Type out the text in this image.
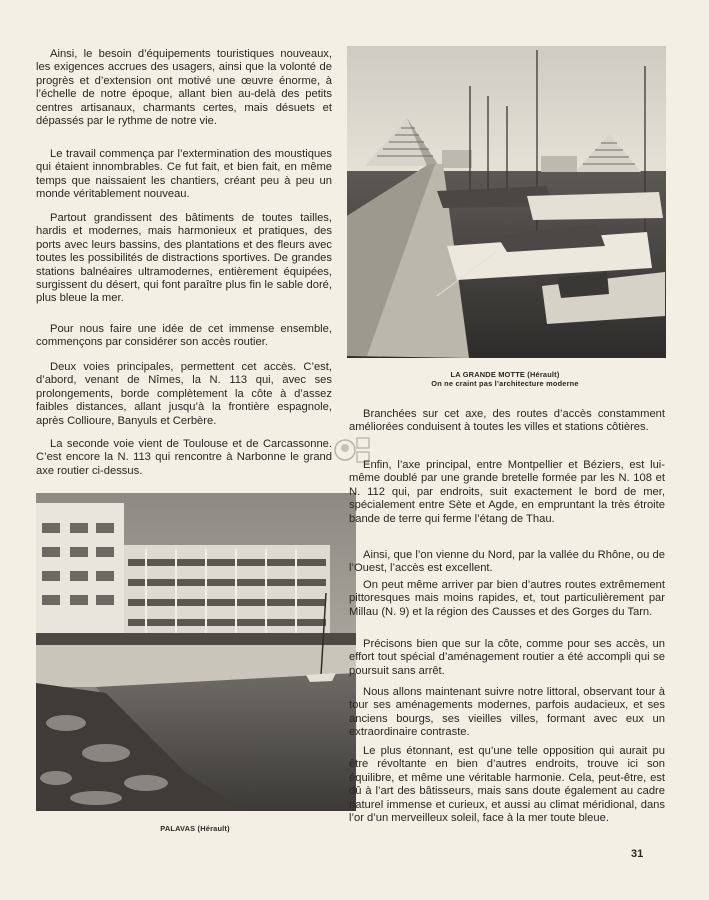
Ainsi, le besoin d’équipements touristiques nouveaux, les exigences accrues des usagers, ainsi que la volonté de progrès et d’extension ont motivé une œuvre énorme, à l’échelle de notre époque, allant bien au-delà des petits centres artisanaux, charmants certes, mais désuets et dépassés par le rythme de notre vie.

Le travail commença par l’extermination des moustiques qui étaient innombrables. Ce fut fait, et bien fait, en même temps que naissaient les chantiers, créant peu à peu un monde véritablement nouveau.

Partout grandissent des bâtiments de toutes tailles, hardis et modernes, mais harmonieux et pratiques, des ports avec leurs bassins, des plantations et des fleurs avec toutes les possibilités de distractions sportives. De grandes stations balnéaires ultramodernes, entièrement équipées, surgissent du désert, qui font paraître plus fin le sable doré, plus bleue la mer.

Pour nous faire une idée de cet immense ensemble, commençons par considérer son accès routier.

Deux voies principales, permettent cet accès. C’est, d’abord, venant de Nîmes, la N. 113 qui, avec ses prolongements, borde complètement la côte à d’assez faibles distances, allant jusqu’à la frontière espagnole, après Collioure, Banyuls et Cerbère.

La seconde voie vient de Toulouse et de Carcassonne. C’est encore la N. 113 qui rencontre à Narbonne le grand axe routier ci-dessus.

LA GRANDE MOTTE (Hérault)
On ne craint pas l’architecture moderne
PALAVAS (Hérault)

Branchées sur cet axe, des routes d’accès constamment améliorées conduisent à toutes les villes et stations côtières.

Enfin, l’axe principal, entre Montpellier et Béziers, est lui-même doublé par une grande bretelle formée par les N. 108 et N. 112 qui, par endroits, suit exactement le bord de mer, spécialement entre Sète et Agde, en empruntant la très étroite bande de terre qui ferme l’étang de Thau.

Ainsi, que l’on vienne du Nord, par la vallée du Rhône, ou de l’Ouest, l’accès est excellent.

On peut même arriver par bien d’autres routes extrêmement pittoresques mais moins rapides, et, tout particulièrement par Millau (N. 9) et la région des Causses et des Gorges du Tarn.

Précisons bien que sur la côte, comme pour ses accès, un effort tout spécial d’aménagement routier a été accompli qui se poursuit sans arrêt.

Nous allons maintenant suivre notre littoral, observant tour à tour ses aménagements modernes, parfois audacieux, et ses anciens bourgs, ses vieilles villes, formant avec eux un extraordinaire contraste.

Le plus étonnant, est qu’une telle opposition qui aurait pu être révoltante en bien d’autres endroits, trouve ici son équilibre, et même une véritable harmonie. Cela, peut-être, est dû à l’art des bâtisseurs, mais sans doute également au cadre naturel immense et curieux, et aussi au climat méridional, dans l’or d’un merveilleux soleil, face à la mer toute bleue.

31
